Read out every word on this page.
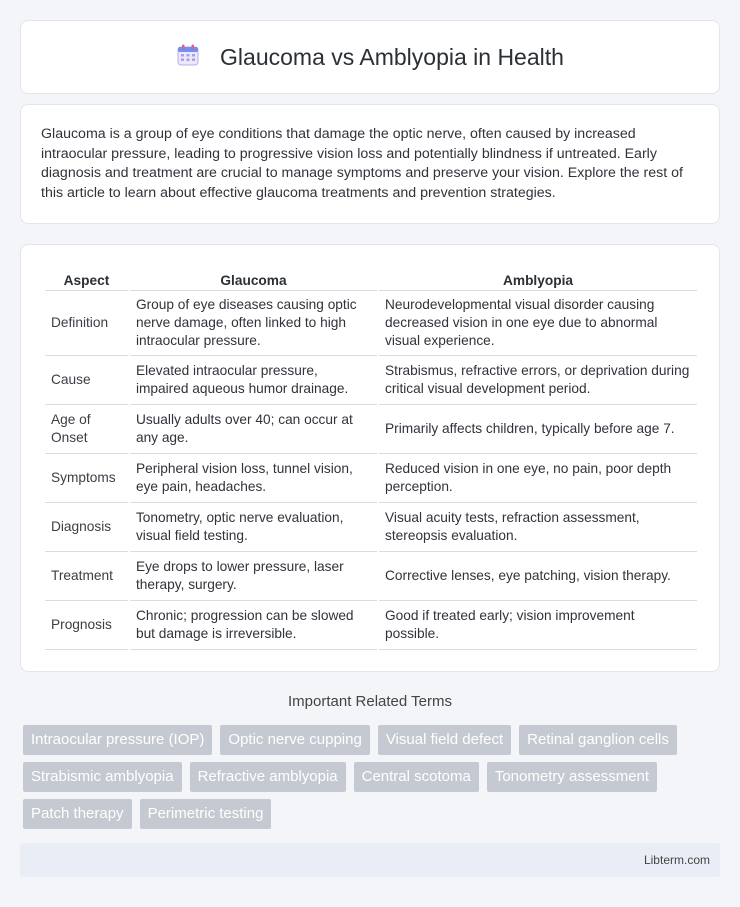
Glaucoma vs Amblyopia in Health

Glaucoma is a group of eye conditions that damage the optic nerve, often caused by increased intraocular pressure, leading to progressive vision loss and potentially blindness if untreated. Early diagnosis and treatment are crucial to manage symptoms and preserve your vision. Explore the rest of this article to learn about effective glaucoma treatments and prevention strategies.

Aspect	Glaucoma	Amblyopia
Definition	Group of eye diseases causing optic nerve damage, often linked to high intraocular pressure.	Neurodevelopmental visual disorder causing decreased vision in one eye due to abnormal visual experience.
Cause	Elevated intraocular pressure, impaired aqueous humor drainage.	Strabismus, refractive errors, or deprivation during critical visual development period.
Age of Onset	Usually adults over 40; can occur at any age.	Primarily affects children, typically before age 7.
Symptoms	Peripheral vision loss, tunnel vision, eye pain, headaches.	Reduced vision in one eye, no pain, poor depth perception.
Diagnosis	Tonometry, optic nerve evaluation, visual field testing.	Visual acuity tests, refraction assessment, stereopsis evaluation.
Treatment	Eye drops to lower pressure, laser therapy, surgery.	Corrective lenses, eye patching, vision therapy.
Prognosis	Chronic; progression can be slowed but damage is irreversible.	Good if treated early; vision improvement possible.
Important Related Terms
Intraocular pressure (IOP)	Optic nerve cupping	Visual field defect	Retinal ganglion cells
Strabismic amblyopia	Refractive amblyopia	Central scotoma	Tonometry assessment
Patch therapy	Perimetric testing
Libterm.com
